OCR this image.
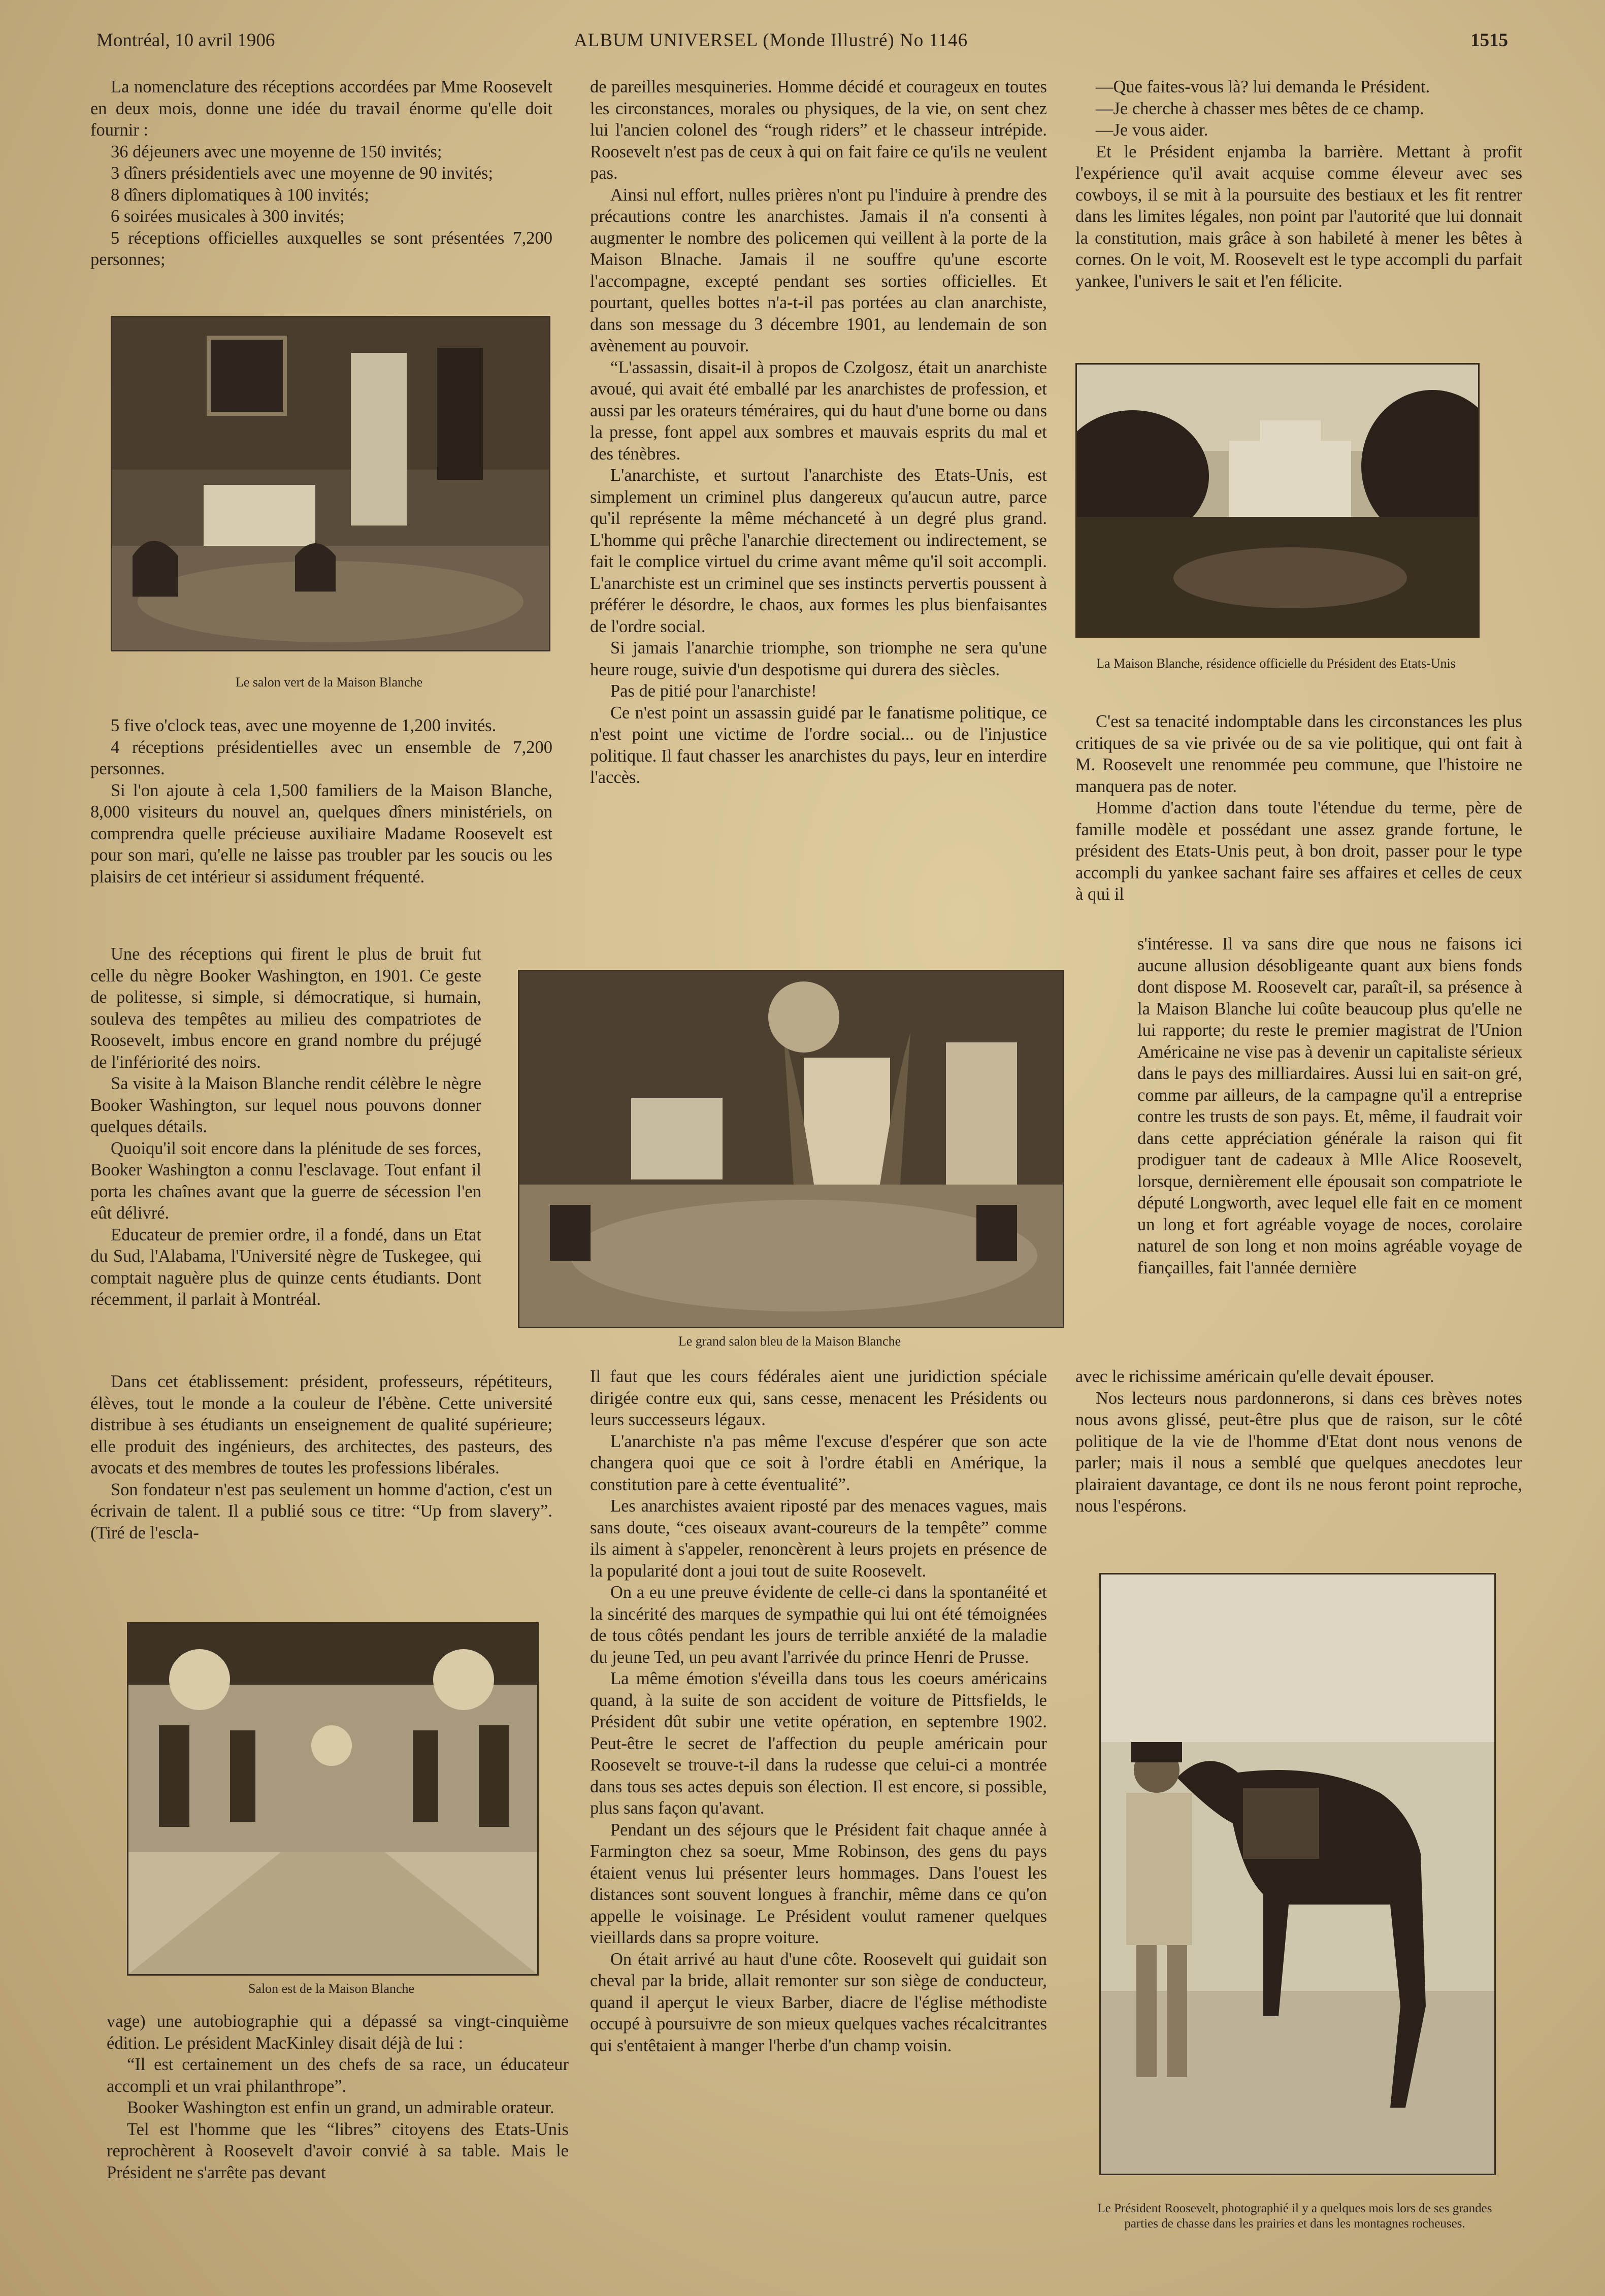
Montréal, 10 avril 1906	ALBUM UNIVERSEL (Monde Illustré) No 1146	1515

La nomenclature des réceptions accordées par Mme Roosevelt en deux mois, donne une idée du travail énorme qu'elle doit fournir :

36 déjeuners avec une moyenne de 150 invités;

3 dîners présidentiels avec une moyenne de 90 invités;

8 dîners diplomatiques à 100 invités;

6 soirées musicales à 300 invités;

5 réceptions officielles auxquelles se sont présentées 7,200 personnes;

Le salon vert de la Maison Blanche

5 five o'clock teas, avec une moyenne de 1,200 invités.

4 réceptions présidentielles avec un ensemble de 7,200 personnes.

Si l'on ajoute à cela 1,500 familiers de la Maison Blanche, 8,000 visiteurs du nouvel an, quelques dîners ministériels, on comprendra quelle précieuse auxiliaire Madame Roosevelt est pour son mari, qu'elle ne laisse pas troubler par les soucis ou les plaisirs de cet intérieur si assidument fréquenté.

Une des réceptions qui firent le plus de bruit fut celle du nègre Booker Washington, en 1901. Ce geste de politesse, si simple, si démocratique, si humain, souleva des tempêtes au milieu des compatriotes de Roosevelt, imbus encore en grand nombre du préjugé de l'infériorité des noirs.

Sa visite à la Maison Blanche rendit célèbre le nègre Booker Washington, sur lequel nous pouvons donner quelques détails.

Quoiqu'il soit encore dans la plénitude de ses forces, Booker Washington a connu l'esclavage. Tout enfant il porta les chaînes avant que la guerre de sécession l'en eût délivré.

Educateur de premier ordre, il a fondé, dans un Etat du Sud, l'Alabama, l'Université nègre de Tuskegee, qui comptait naguère plus de quinze cents étudiants. Dont récemment, il parlait à Montréal.

Dans cet établissement: président, professeurs, répétiteurs, élèves, tout le monde a la couleur de l'ébène. Cette université distribue à ses étudiants un enseignement de qualité supérieure; elle produit des ingénieurs, des architectes, des pasteurs, des avocats et des membres de toutes les professions libérales.

Son fondateur n'est pas seulement un homme d'action, c'est un écrivain de talent. Il a publié sous ce titre: “Up from slavery”. (Tiré de l'escla-

Salon est de la Maison Blanche

vage) une autobiographie qui a dépassé sa vingt-cinquième édition. Le président MacKinley disait déjà de lui :

“Il est certainement un des chefs de sa race, un éducateur accompli et un vrai philanthrope”.

Booker Washington est enfin un grand, un admirable orateur.

Tel est l'homme que les “libres” citoyens des Etats-Unis reprochèrent à Roosevelt d'avoir convié à sa table. Mais le Président ne s'arrête pas devant

de pareilles mesquineries. Homme décidé et courageux en toutes les circonstances, morales ou physiques, de la vie, on sent chez lui l'ancien colonel des “rough riders” et le chasseur intrépide. Roosevelt n'est pas de ceux à qui on fait faire ce qu'ils ne veulent pas.

Ainsi nul effort, nulles prières n'ont pu l'induire à prendre des précautions contre les anarchistes. Jamais il n'a consenti à augmenter le nombre des policemen qui veillent à la porte de la Maison Blnache. Jamais il ne souffre qu'une escorte l'accompagne, excepté pendant ses sorties officielles. Et pourtant, quelles bottes n'a-t-il pas portées au clan anarchiste, dans son message du 3 décembre 1901, au lendemain de son avènement au pouvoir.

“L'assassin, disait-il à propos de Czolgosz, était un anarchiste avoué, qui avait été emballé par les anarchistes de profession, et aussi par les orateurs téméraires, qui du haut d'une borne ou dans la presse, font appel aux sombres et mauvais esprits du mal et des ténèbres.

L'anarchiste, et surtout l'anarchiste des Etats-Unis, est simplement un criminel plus dangereux qu'aucun autre, parce qu'il représente la même méchanceté à un degré plus grand. L'homme qui prêche l'anarchie directement ou indirectement, se fait le complice virtuel du crime avant même qu'il soit accompli. L'anarchiste est un criminel que ses instincts pervertis poussent à préférer le désordre, le chaos, aux formes les plus bienfaisantes de l'ordre social.

Si jamais l'anarchie triomphe, son triomphe ne sera qu'une heure rouge, suivie d'un despotisme qui durera des siècles.

Pas de pitié pour l'anarchiste!

Ce n'est point un assassin guidé par le fanatisme politique, ce n'est point une victime de l'ordre social... ou de l'injustice politique. Il faut chasser les anarchistes du pays, leur en interdire l'accès.

Le grand salon bleu de la Maison Blanche

Il faut que les cours fédérales aient une juridiction spéciale dirigée contre eux qui, sans cesse, menacent les Présidents ou leurs successeurs légaux.

L'anarchiste n'a pas même l'excuse d'espérer que son acte changera quoi que ce soit à l'ordre établi en Amérique, la constitution pare à cette éventualité”.

Les anarchistes avaient riposté par des menaces vagues, mais sans doute, “ces oiseaux avant-coureurs de la tempête” comme ils aiment à s'appeler, renoncèrent à leurs projets en présence de la popularité dont a joui tout de suite Roosevelt.

On a eu une preuve évidente de celle-ci dans la spontanéité et la sincérité des marques de sympathie qui lui ont été témoignées de tous côtés pendant les jours de terrible anxiété de la maladie du jeune Ted, un peu avant l'arrivée du prince Henri de Prusse.

La même émotion s'éveilla dans tous les coeurs américains quand, à la suite de son accident de voiture de Pittsfields, le Président dût subir une vetite opération, en septembre 1902. Peut-être le secret de l'affection du peuple américain pour Roosevelt se trouve-t-il dans la rudesse que celui-ci a montrée dans tous ses actes depuis son élection. Il est encore, si possible, plus sans façon qu'avant.

Pendant un des séjours que le Président fait chaque année à Farmington chez sa soeur, Mme Robinson, des gens du pays étaient venus lui présenter leurs hommages. Dans l'ouest les distances sont souvent longues à franchir, même dans ce qu'on appelle le voisinage. Le Président voulut ramener quelques vieillards dans sa propre voiture.

On était arrivé au haut d'une côte. Roosevelt qui guidait son cheval par la bride, allait remonter sur son siège de conducteur, quand il aperçut le vieux Barber, diacre de l'église méthodiste occupé à poursuivre de son mieux quelques vaches récalcitrantes qui s'entêtaient à manger l'herbe d'un champ voisin.

—Que faites-vous là? lui demanda le Président.

—Je cherche à chasser mes bêtes de ce champ.

—Je vous aider.

Et le Président enjamba la barrière. Mettant à profit l'expérience qu'il avait acquise comme éleveur avec ses cowboys, il se mit à la poursuite des bestiaux et les fit rentrer dans les limites légales, non point par l'autorité que lui donnait la constitution, mais grâce à son habileté à mener les bêtes à cornes. On le voit, M. Roosevelt est le type accompli du parfait yankee, l'univers le sait et l'en félicite.

La Maison Blanche, résidence officielle du Président des Etats-Unis

C'est sa tenacité indomptable dans les circonstances les plus critiques de sa vie privée ou de sa vie politique, qui ont fait à M. Roosevelt une renommée peu commune, que l'histoire ne manquera pas de noter.

Homme d'action dans toute l'étendue du terme, père de famille modèle et possédant une assez grande fortune, le président des Etats-Unis peut, à bon droit, passer pour le type accompli du yankee sachant faire ses affaires et celles de ceux à qui il

s'intéresse. Il va sans dire que nous ne faisons ici aucune allusion désobligeante quant aux biens fonds dont dispose M. Roosevelt car, paraît-il, sa présence à la Maison Blanche lui coûte beaucoup plus qu'elle ne lui rapporte; du reste le premier magistrat de l'Union Américaine ne vise pas à devenir un capitaliste sérieux dans le pays des milliardaires. Aussi lui en sait-on gré, comme par ailleurs, de la campagne qu'il a entreprise contre les trusts de son pays. Et, même, il faudrait voir dans cette appréciation générale la raison qui fit prodiguer tant de cadeaux à Mlle Alice Roosevelt, lorsque, dernièrement elle épousait son compatriote le député Longworth, avec lequel elle fait en ce moment un long et fort agréable voyage de noces, corolaire naturel de son long et non moins agréable voyage de fiançailles, fait l'année dernière

avec le richissime américain qu'elle devait épouser.

Nos lecteurs nous pardonnerons, si dans ces brèves notes nous avons glissé, peut-être plus que de raison, sur le côté politique de la vie de l'homme d'Etat dont nous venons de parler; mais il nous a semblé que quelques anecdotes leur plairaient davantage, ce dont ils ne nous feront point reproche, nous l'espérons.

Le Président Roosevelt, photographié il y a quelques mois lors de ses grandes parties de chasse dans les prairies et dans les montagnes rocheuses.
